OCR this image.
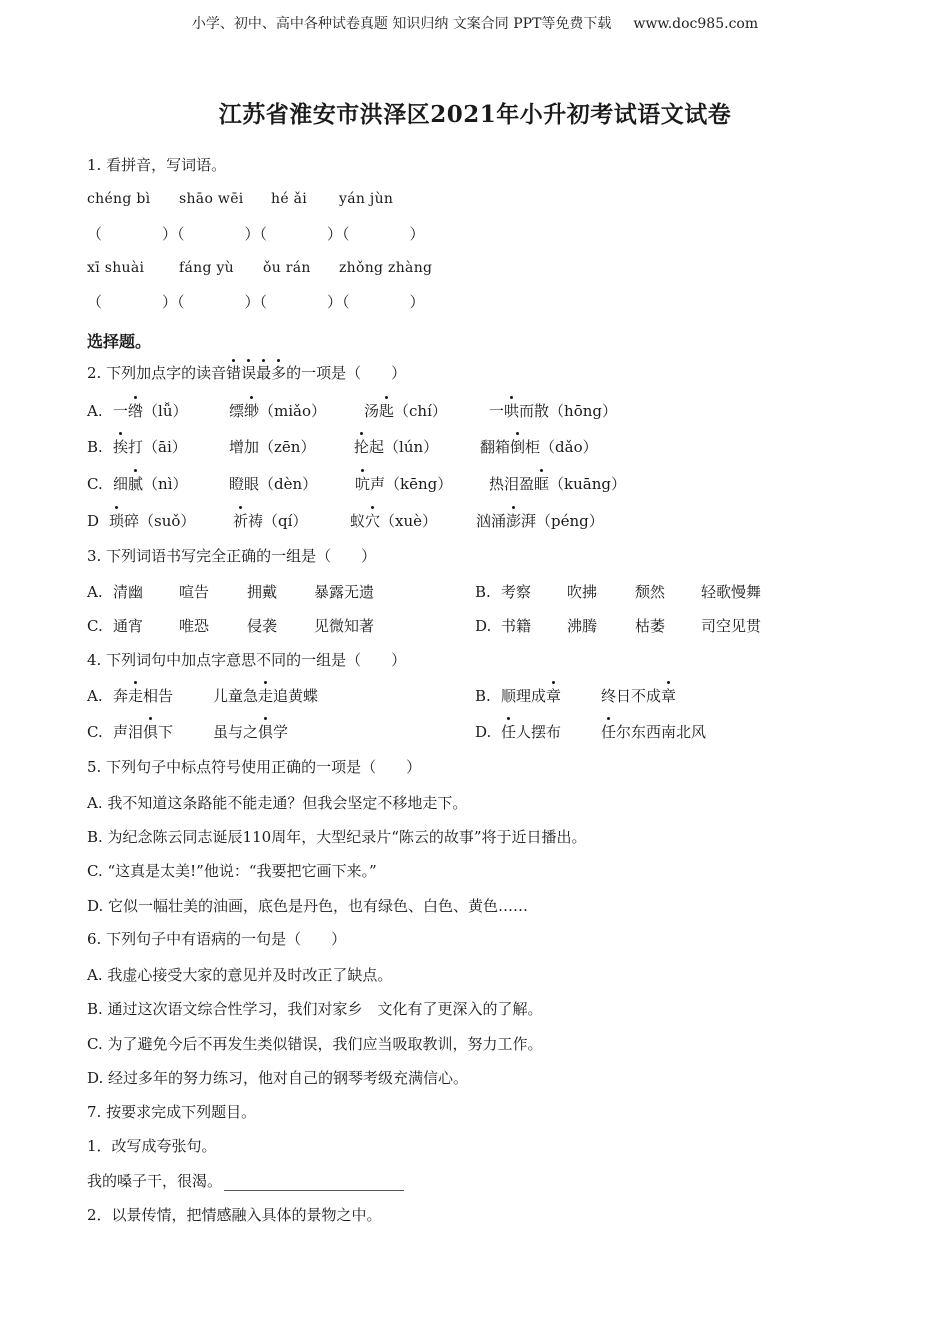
小学、初中、高中各种试卷真题 知识归纳 文案合同 PPT等免费下载 www.doc985.com
江苏省淮安市洪泽区2021年小升初考试语文试卷
1. 看拼音，写词语。
chéng bì shāo wēi hé ǎi yán jùn
（　　　　）（　　　　）（　　　　）（　　　　）
xī shuài fáng yù ǒu rán zhǒng zhàng
（　　　　）（　　　　）（　　　　）（　　　　）
选择题。
2. 下列加点字的读音错误最多的一项是（　　）
A. 一绺（lǚ）	缥缈（miǎo）	汤匙（chí）	一哄而散（hōng）
B. 挨打（āi）	增加（zēn）	抡起（lún）	翻箱倒柜（dǎo）
C. 细腻（nì）	瞪眼（dèn）	吭声（kēng） 热泪盈眶（kuāng）
D 琐碎（suǒ）	祈祷（qí）	蚁穴（xuè）	汹涌澎湃（péng）
3. 下列词语书写完全正确的一组是（　　）
A. 清幽 喧告	拥戴 暴露无遗	B. 考察 吹拂	颓然 轻歌慢舞
C. 通宵 唯恐	侵袭 见微知著	D. 书籍 沸腾	枯萎 司空见贯
4. 下列词句中加点字意思不同的一组是（　　）
A. 奔走相告	儿童急走追黄蝶	B. 顺理成章	终日不成章
C. 声泪俱下	虽与之俱学	D. 任人摆布	任尔东西南北风
5. 下列句子中标点符号使用正确的一项是（　　）
A. 我不知道这条路能不能走通？但我会坚定不移地走下。
B. 为纪念陈云同志诞辰110周年，大型纪录片“陈云的故事”将于近日播出。
C. “这真是太美!”他说：“我要把它画下来。”
D. 它似一幅壮美的油画，底色是丹色，也有绿色、白色、黄色……
6. 下列句子中有语病的一句是（　　）
A. 我虚心接受大家的意见并及时改正了缺点。
B. 通过这次语文综合性学习，我们对家乡　文化有了更深入的了解。
C. 为了避免今后不再发生类似错误，我们应当吸取教训，努力工作。
D. 经过多年的努力练习，他对自己的钢琴考级充满信心。
7. 按要求完成下列题目。
1．改写成夸张句。
我的嗓子干，很渴。
2．以景传情，把情感融入具体的景物之中。
